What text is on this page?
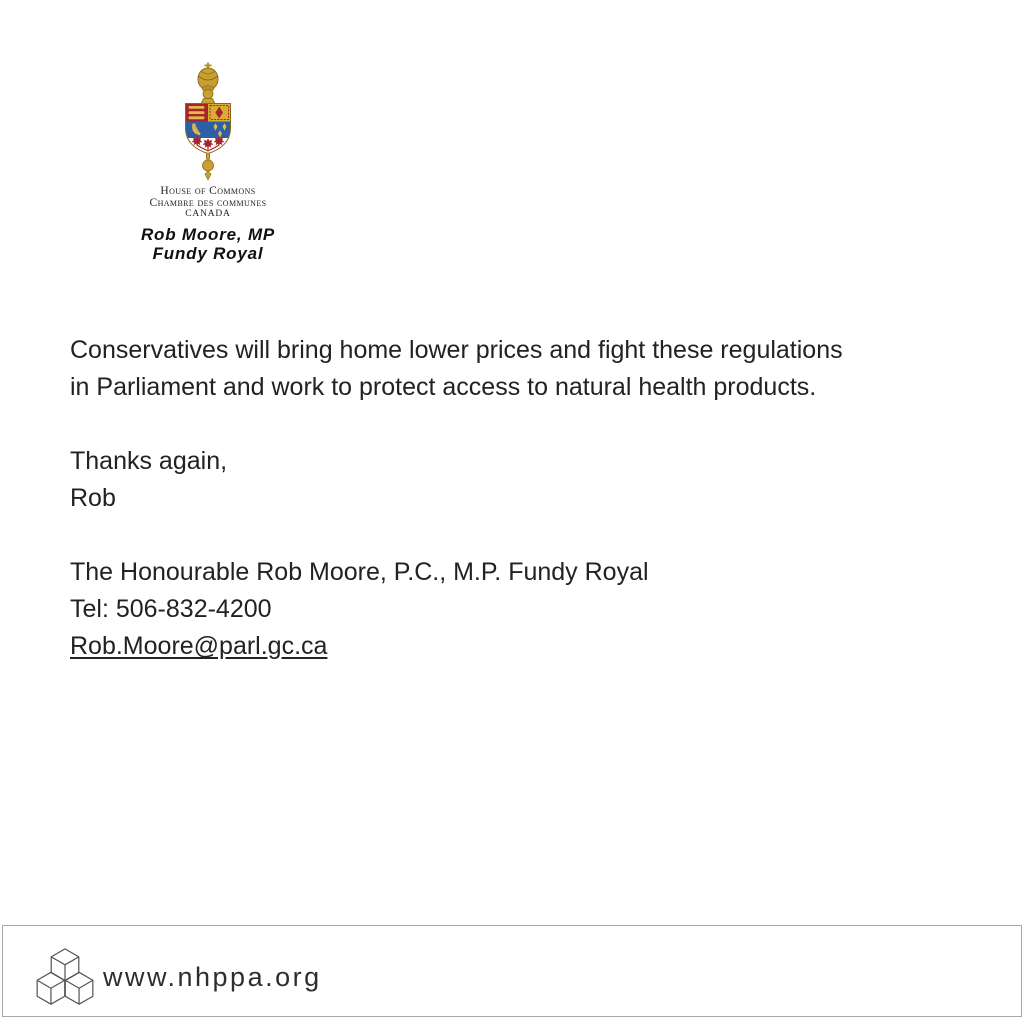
House of Commons
Chambre des communes
CANADA
Rob Moore, MP
Fundy Royal
Conservatives will bring home lower prices and fight these regulations
in Parliament and work to protect access to natural health products.
Thanks again,
Rob
The Honourable Rob Moore, P.C., M.P. Fundy Royal
Tel: 506-832-4200
Rob.Moore@parl.gc.ca
www.nhppa.org
